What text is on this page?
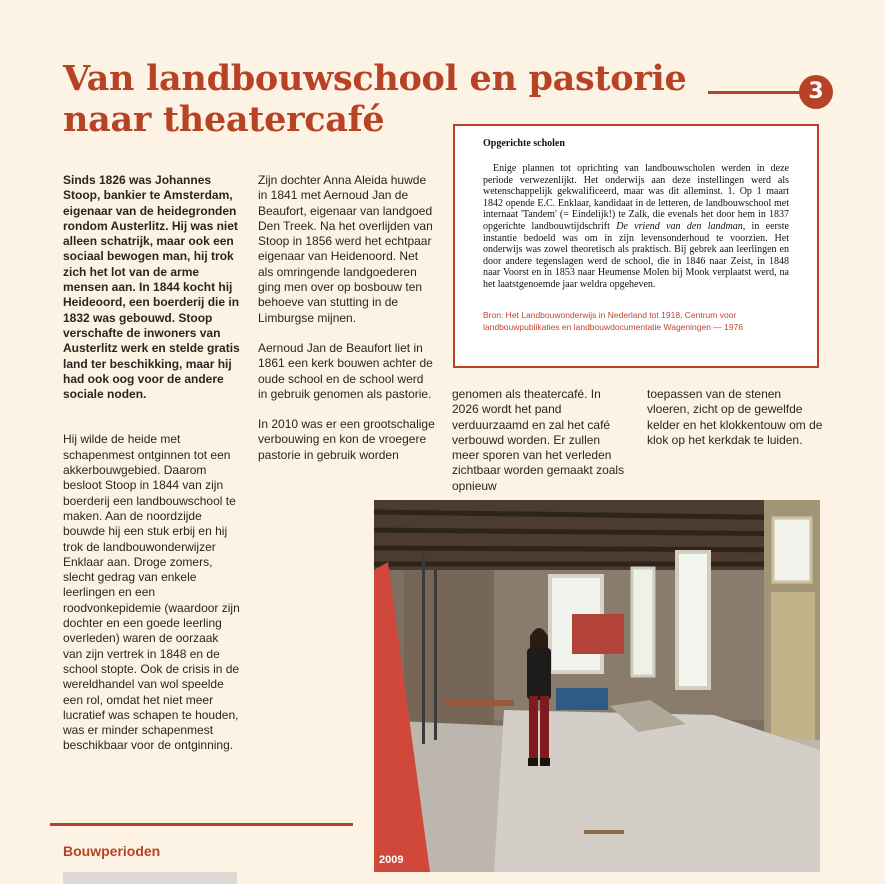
Van landbouwschool en pastorie
naar theatercafé
3

Sinds 1826 was Johannes Stoop, bankier te Amsterdam, eigenaar van de heidegronden rondom Austerlitz. Hij was niet alleen schatrijk, maar ook een sociaal bewogen man, hij trok zich het lot van de arme mensen aan. In 1844 kocht hij Heideoord, een boerderij die in 1832 was gebouwd. Stoop verschafte de inwoners van Austerlitz werk en stelde gratis land ter beschikking, maar hij had ook oog voor de andere sociale noden.

Hij wilde de heide met schapenmest ontginnen tot een akkerbouwgebied. Daarom besloot Stoop in 1844 van zijn boerderij een landbouwschool te maken. Aan de noordzijde bouwde hij een stuk erbij en hij trok de landbouwonderwijzer Enklaar aan. Droge zomers, slecht gedrag van enkele leerlingen en een roodvonkepidemie (waardoor zijn dochter en een goede leerling overleden) waren de oorzaak van zijn vertrek in 1848 en de school stopte. Ook de crisis in de wereldhandel van wol speelde een rol, omdat het niet meer lucratief was schapen te houden, was er minder schapenmest beschikbaar voor de ontginning.

Zijn dochter Anna Aleida huwde in 1841 met Aernoud Jan de Beaufort, eigenaar van landgoed Den Treek. Na het overlijden van Stoop in 1856 werd het echtpaar eigenaar van Heidenoord. Net als omringende landgoederen ging men over op bosbouw ten behoeve van stutting in de Limburgse mijnen.

Aernoud Jan de Beaufort liet in 1861 een kerk bouwen achter de oude school en de school werd in gebruik genomen als pastorie.

In 2010 was er een grootschalige verbouwing en kon de vroegere pastorie in gebruik worden

Opgerichte scholen
Enige plannen tot oprichting van landbouwscholen werden in deze periode verwezenlijkt. Het onderwijs aan deze instellingen werd als wetenschappelijk gekwalificeerd, maar was dit alleminst. 1. Op 1 maart 1842 opende E.C. Enklaar, kandidaat in de letteren, de landbouwschool met internaat 'Tandem' (= Eindelijk!) te Zalk, die evenals het door hem in 1837 opgerichte landbouwtijdschrift De vriend van den landman, in eerste instantie bedoeld was om in zijn levensonderhoud te voorzien. Het onderwijs was zowel theoretisch als praktisch. Bij gebrek aan leerlingen en door andere tegenslagen werd de school, die in 1846 naar Zeist, in 1848 naar Voorst en in 1853 naar Heumense Molen bij Mook verplaatst werd, na het laatstgenoemde jaar weldra opgeheven.
Bron: Het Landbouwonderwijs in Nederland tot 1918, Centrum voor landbouwpublikaties en landbouwdocumentatie Wageningen — 1976

genomen als theatercafé. In 2026 wordt het pand verduurzaamd en zal het café verbouwd worden. Er zullen meer sporen van het verleden zichtbaar worden gemaakt zoals opnieuw

toepassen van de stenen vloeren, zicht op de gewelfde kelder en het klokkentouw om de klok op het kerkdak te luiden.

2009
Bouwperioden
